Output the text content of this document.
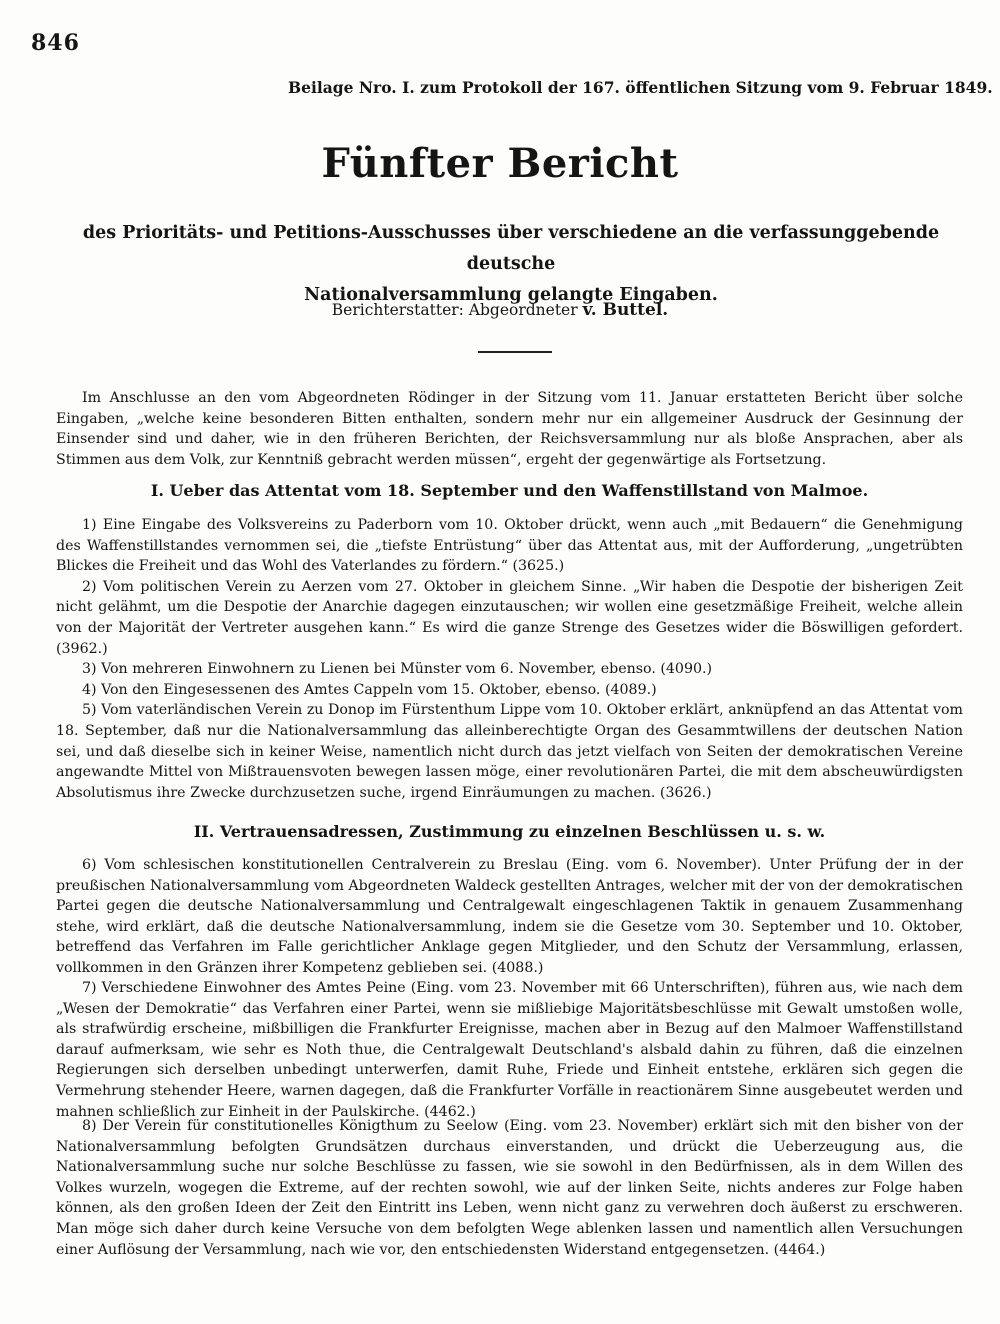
846
Beilage Nro. I. zum Protokoll der 167. öffentlichen Sitzung vom 9. Februar 1849.
Fünfter Bericht
des Prioritäts- und Petitions-Ausschusses über verschiedene an die verfassunggebende deutsche
Nationalversammlung gelangte Eingaben.
Berichterstatter: Abgeordneter v. Buttel.

Im Anschlusse an den vom Abgeordneten Rödinger in der Sitzung vom 11. Januar erstatteten Bericht über solche Eingaben, „welche keine besonderen Bitten enthalten, sondern mehr nur ein allgemeiner Ausdruck der Gesinnung der Einsender sind und daher, wie in den früheren Berichten, der Reichsversammlung nur als bloße Ansprachen, aber als Stimmen aus dem Volk, zur Kenntniß gebracht werden müssen“, ergeht der gegenwärtige als Fortsetzung.

I. Ueber das Attentat vom 18. September und den Waffenstillstand von Malmoe.

1) Eine Eingabe des Volksvereins zu Paderborn vom 10. Oktober drückt, wenn auch „mit Bedauern“ die Genehmigung des Waffenstillstandes vernommen sei, die „tiefste Entrüstung“ über das Attentat aus, mit der Aufforderung, „ungetrübten Blickes die Freiheit und das Wohl des Vaterlandes zu fördern.“ (3625.)

2) Vom politischen Verein zu Aerzen vom 27. Oktober in gleichem Sinne. „Wir haben die Despotie der bisherigen Zeit nicht gelähmt, um die Despotie der Anarchie dagegen einzutauschen; wir wollen eine gesetzmäßige Freiheit, welche allein von der Majorität der Vertreter ausgehen kann.“ Es wird die ganze Strenge des Gesetzes wider die Böswilligen gefordert. (3962.)

3) Von mehreren Einwohnern zu Lienen bei Münster vom 6. November, ebenso. (4090.)

4) Von den Eingesessenen des Amtes Cappeln vom 15. Oktober, ebenso. (4089.)

5) Vom vaterländischen Verein zu Donop im Fürstenthum Lippe vom 10. Oktober erklärt, anknüpfend an das Attentat vom 18. September, daß nur die Nationalversammlung das alleinberechtigte Organ des Gesammtwillens der deutschen Nation sei, und daß dieselbe sich in keiner Weise, namentlich nicht durch das jetzt vielfach von Seiten der demokratischen Vereine angewandte Mittel von Mißtrauensvoten bewegen lassen möge, einer revolutionären Partei, die mit dem abscheuwürdigsten Absolutismus ihre Zwecke durchzusetzen suche, irgend Einräumungen zu machen. (3626.)

II. Vertrauensadressen, Zustimmung zu einzelnen Beschlüssen u. s. w.

6) Vom schlesischen konstitutionellen Centralverein zu Breslau (Eing. vom 6. November). Unter Prüfung der in der preußischen Nationalversammlung vom Abgeordneten Waldeck gestellten Antrages, welcher mit der von der demokratischen Partei gegen die deutsche Nationalversammlung und Centralgewalt eingeschlagenen Taktik in genauem Zusammenhang stehe, wird erklärt, daß die deutsche Nationalversammlung, indem sie die Gesetze vom 30. September und 10. Oktober, betreffend das Verfahren im Falle gerichtlicher Anklage gegen Mitglieder, und den Schutz der Versammlung, erlassen, vollkommen in den Gränzen ihrer Kompetenz geblieben sei. (4088.)

7) Verschiedene Einwohner des Amtes Peine (Eing. vom 23. November mit 66 Unterschriften), führen aus, wie nach dem „Wesen der Demokratie“ das Verfahren einer Partei, wenn sie mißliebige Majoritätsbeschlüsse mit Gewalt umstoßen wolle, als strafwürdig erscheine, mißbilligen die Frankfurter Ereignisse, machen aber in Bezug auf den Malmoer Waffenstillstand darauf aufmerksam, wie sehr es Noth thue, die Centralgewalt Deutschland's alsbald dahin zu führen, daß die einzelnen Regierungen sich derselben unbedingt unterwerfen, damit Ruhe, Friede und Einheit entstehe, erklären sich gegen die Vermehrung stehender Heere, warnen dagegen, daß die Frankfurter Vorfälle in reactionärem Sinne ausgebeutet werden und mahnen schließlich zur Einheit in der Paulskirche. (4462.)

8) Der Verein für constitutionelles Königthum zu Seelow (Eing. vom 23. November) erklärt sich mit den bisher von der Nationalversammlung befolgten Grundsätzen durchaus einverstanden, und drückt die Ueberzeugung aus, die Nationalversammlung suche nur solche Beschlüsse zu fassen, wie sie sowohl in den Bedürfnissen, als in dem Willen des Volkes wurzeln, wogegen die Extreme, auf der rechten sowohl, wie auf der linken Seite, nichts anderes zur Folge haben können, als den großen Ideen der Zeit den Eintritt ins Leben, wenn nicht ganz zu verwehren doch äußerst zu erschweren. Man möge sich daher durch keine Versuche von dem befolgten Wege ablenken lassen und namentlich allen Versuchungen einer Auflösung der Versammlung, nach wie vor, den entschiedensten Widerstand entgegensetzen. (4464.)
